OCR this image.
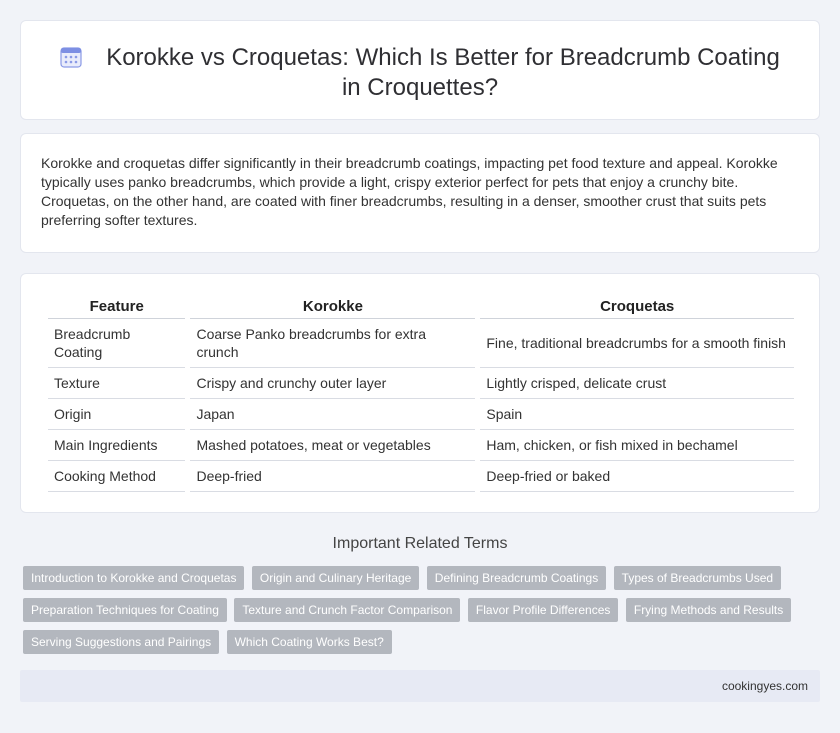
Korokke vs Croquetas: Which Is Better for Breadcrumb Coating in Croquettes?

Korokke and croquetas differ significantly in their breadcrumb coatings, impacting pet food texture and appeal. Korokke typically uses panko breadcrumbs, which provide a light, crispy exterior perfect for pets that enjoy a crunchy bite. Croquetas, on the other hand, are coated with finer breadcrumbs, resulting in a denser, smoother crust that suits pets preferring softer textures.

Feature	Korokke	Croquetas
Breadcrumb Coating	Coarse Panko breadcrumbs for extra crunch	Fine, traditional breadcrumbs for a smooth finish
Texture	Crispy and crunchy outer layer	Lightly crisped, delicate crust
Origin	Japan	Spain
Main Ingredients	Mashed potatoes, meat or vegetables	Ham, chicken, or fish mixed in bechamel
Cooking Method	Deep-fried	Deep-fried or baked
Important Related Terms
Introduction to Korokke and Croquetas Origin and Culinary Heritage Defining Breadcrumb Coatings Types of Breadcrumbs Used Preparation Techniques for Coating Texture and Crunch Factor Comparison Flavor Profile Differences Frying Methods and Results Serving Suggestions and Pairings Which Coating Works Best?
cookingyes.com
